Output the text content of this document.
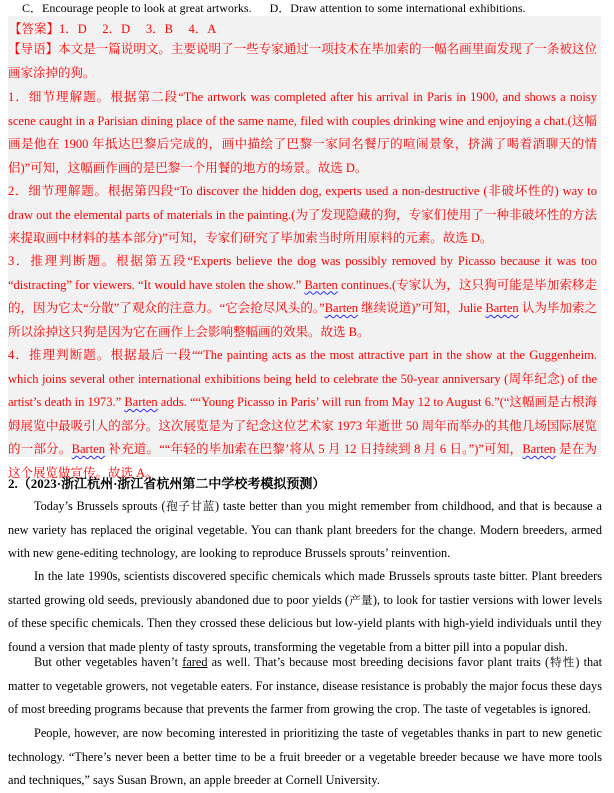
C．Encourage people to look at great artworks. D．Draw attention to some international exhibitions.
【答案】1．D　 2．D　 3．B　 4．A
【导语】本文是一篇说明文。主要说明了一些专家通过一项技术在毕加索的一幅名画里面发现了一条被这位画家涂掉的狗。
1．细节理解题。根据第二段“The artwork was completed after his arrival in Paris in 1900, and shows a noisy scene caught in a Parisian dining place of the same name, filed with couples drinking wine and enjoying a chat.(这幅画是他在 1900 年抵达巴黎后完成的，画中描绘了巴黎一家同名餐厅的喧闹景象，挤满了喝着酒聊天的情侣)”可知，这幅画作画的是巴黎一个用餐的地方的场景。故选 D。
2．细节理解题。根据第四段“To discover the hidden dog, experts used a non-destructive (非破坏性的) way to draw out the elemental parts of materials in the painting.(为了发现隐藏的狗，专家们使用了一种非破坏性的方法来提取画中材料的基本部分)”可知，专家们研究了毕加索当时所用原料的元素。故选 D。
3．推理判断题。根据第五段“Experts believe the dog was possibly removed by Picasso because it was too “distracting” for viewers. “It would have stolen the show.” Barten continues.(专家认为，这只狗可能是毕加索移走的，因为它太“分散”了观众的注意力。“它会抢尽风头的。”Barten 继续说道)”可知，Julie Barten 认为毕加索之所以涂掉这只狗是因为它在画作上会影响整幅画的效果。故选 B。
4．推理判断题。根据最后一段““The painting acts as the most attractive part in the show at the Guggenheim. which joins several other international exhibitions being held to celebrate the 50-year anniversary (周年纪念) of the artist’s death in 1973.” Barten adds. ““Young Picasso in Paris’ will run from May 12 to August 6.”(“这幅画是古根海姆展览中最吸引人的部分。这次展览是为了纪念这位艺术家 1973 年逝世 50 周年而举办的其他几场国际展览的一部分。Barten 补充道。““年轻的毕加索在巴黎’将从 5 月 12 日持续到 8 月 6 日。”)”可知，Barten 是在为这个展览做宣传。故选 A。
2.（2023·浙江杭州·浙江省杭州第二中学校考模拟预测）
Today’s Brussels sprouts (孢子甘蓝) taste better than you might remember from childhood, and that is because a new variety has replaced the original vegetable. You can thank plant breeders for the change. Modern breeders, armed with new gene-editing technology, are looking to reproduce Brussels sprouts’ reinvention.
In the late 1990s, scientists discovered specific chemicals which made Brussels sprouts taste bitter. Plant breeders started growing old seeds, previously abandoned due to poor yields (产量), to look for tastier versions with lower levels of these specific chemicals. Then they crossed these delicious but low-yield plants with high-yield individuals until they found a version that made plenty of tasty sprouts, transforming the vegetable from a bitter pill into a popular dish.
But other vegetables haven’t fared as well. That’s because most breeding decisions favor plant traits (特性) that matter to vegetable growers, not vegetable eaters. For instance, disease resistance is probably the major focus these days of most breeding programs because that prevents the farmer from growing the crop. The taste of vegetables is ignored.
People, however, are now becoming interested in prioritizing the taste of vegetables thanks in part to new genetic technology. “There’s never been a better time to be a fruit breeder or a vegetable breeder because we have more tools and techniques,” says Susan Brown, an apple breeder at Cornell University.
